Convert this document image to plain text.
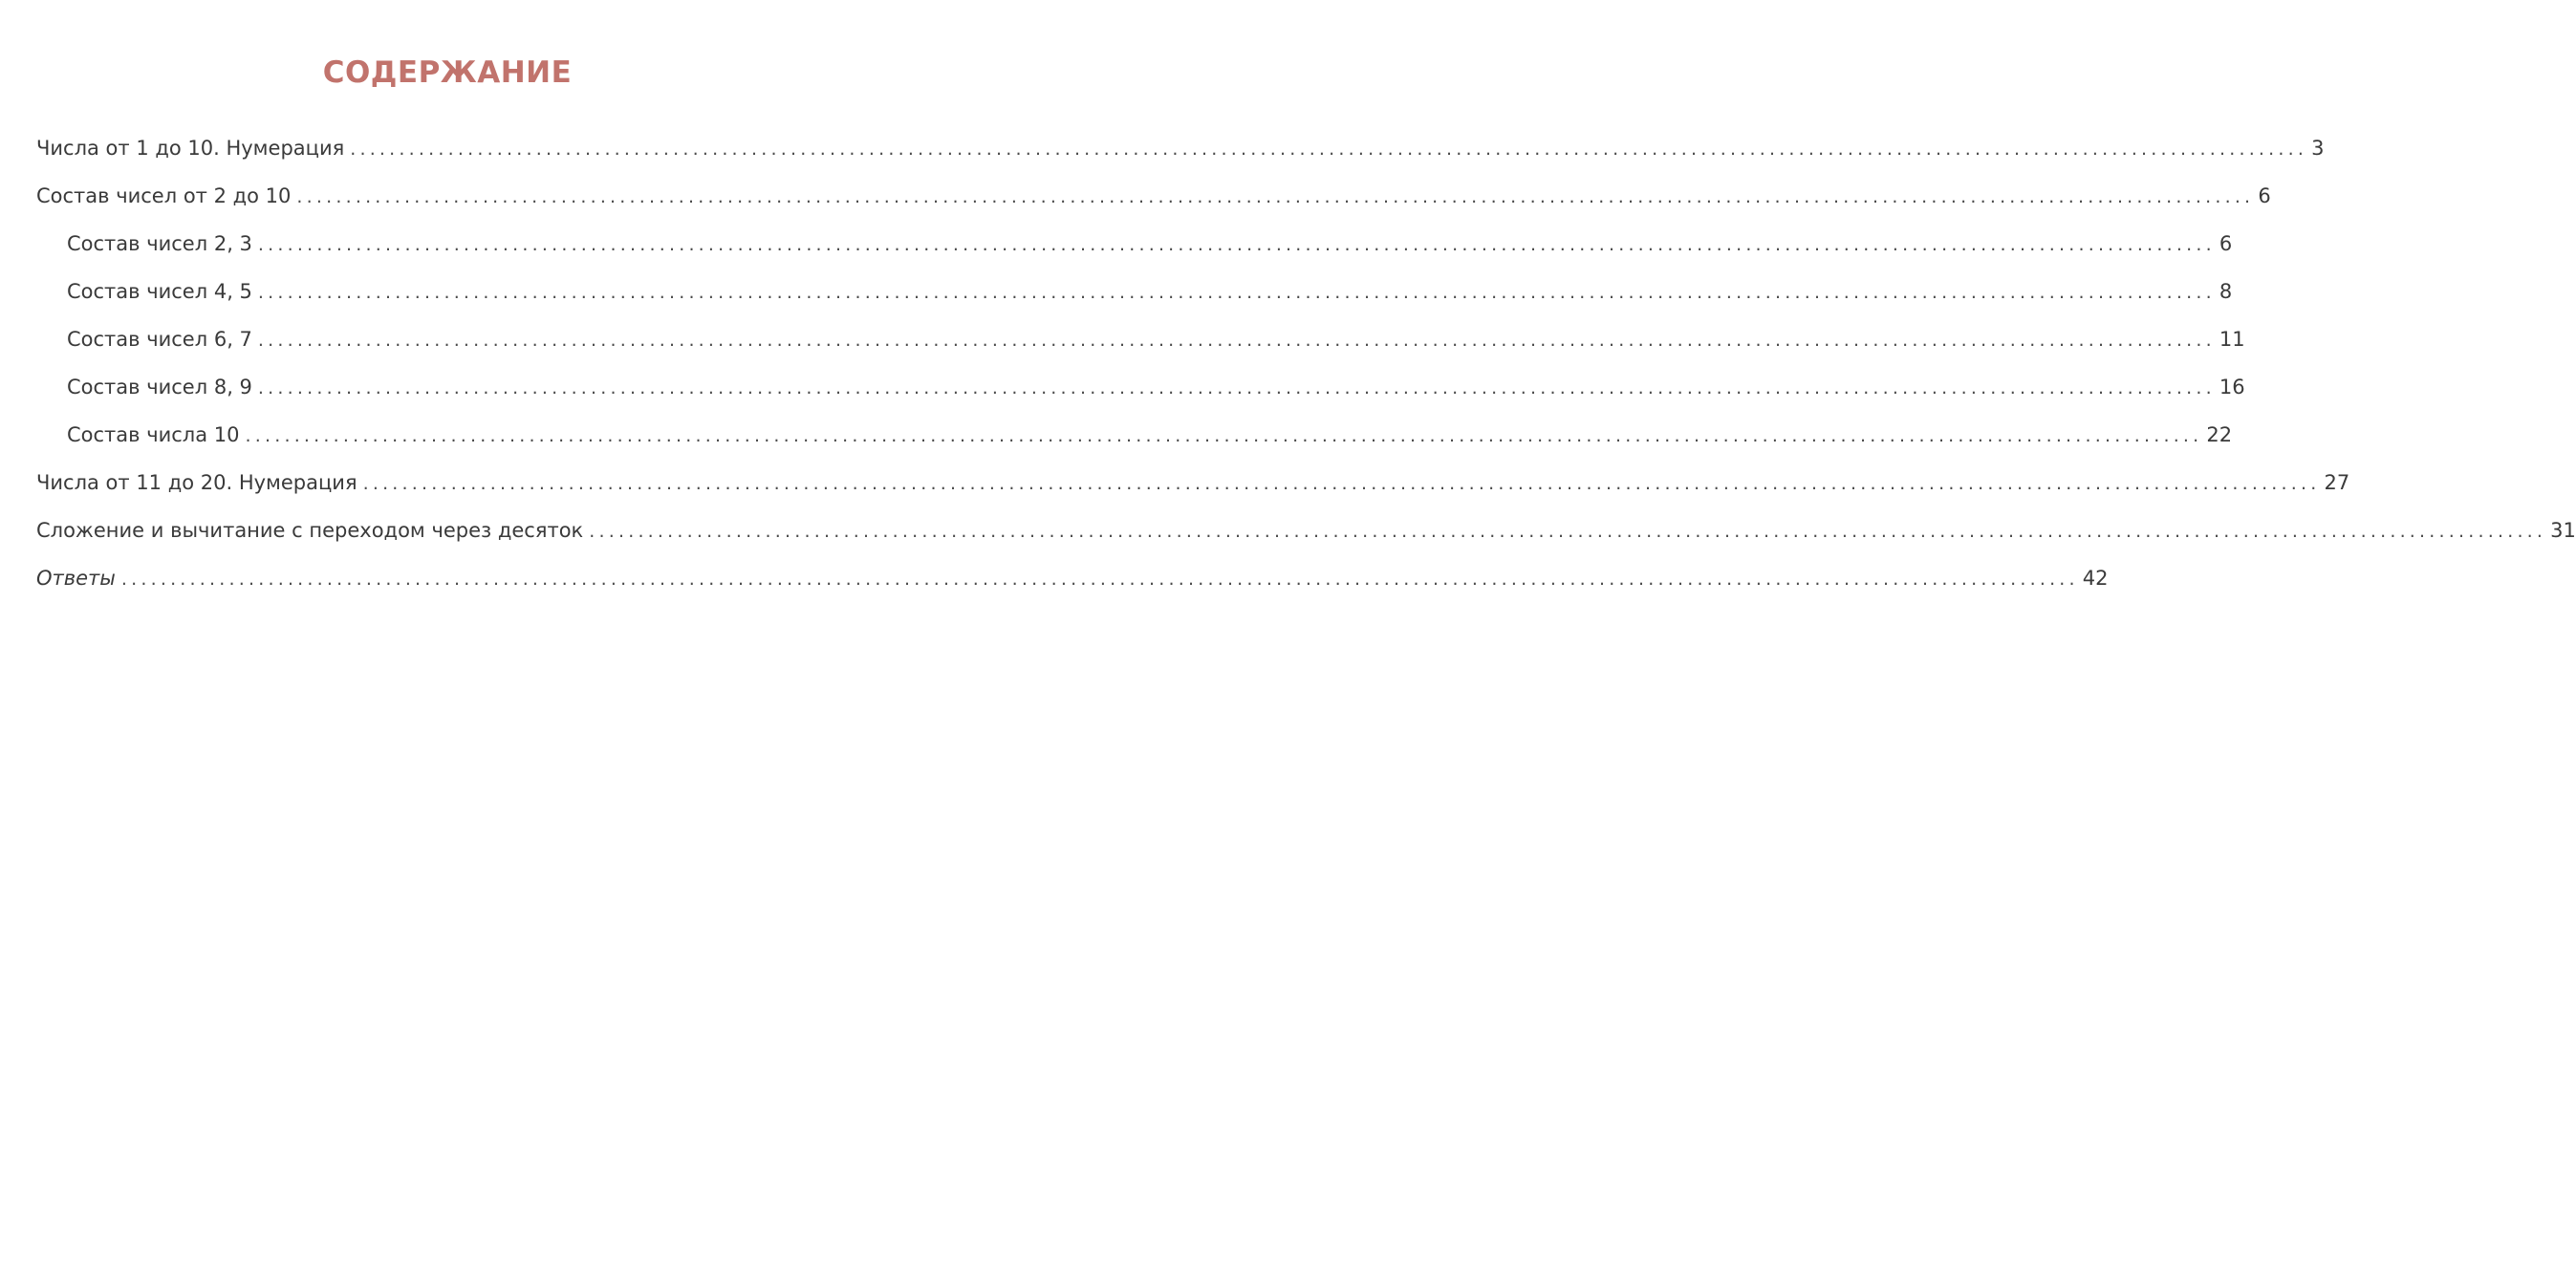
СОДЕРЖАНИЕ
Числа от 1 до 10. Нумерация ........................................................................................................................................................................................................ 3
Состав чисел от 2 до 10 ........................................................................................................................................................................................................ 6
Состав чисел 2, 3 ........................................................................................................................................................................................................ 6
Состав чисел 4, 5 ........................................................................................................................................................................................................ 8
Состав чисел 6, 7 ........................................................................................................................................................................................................ 11
Состав чисел 8, 9 ........................................................................................................................................................................................................ 16
Состав числа 10 ........................................................................................................................................................................................................ 22
Числа от 11 до 20. Нумерация ........................................................................................................................................................................................................ 27
Сложение и вычитание с переходом через десяток ........................................................................................................................................................................................................ 31
Ответы ........................................................................................................................................................................................................ 42
